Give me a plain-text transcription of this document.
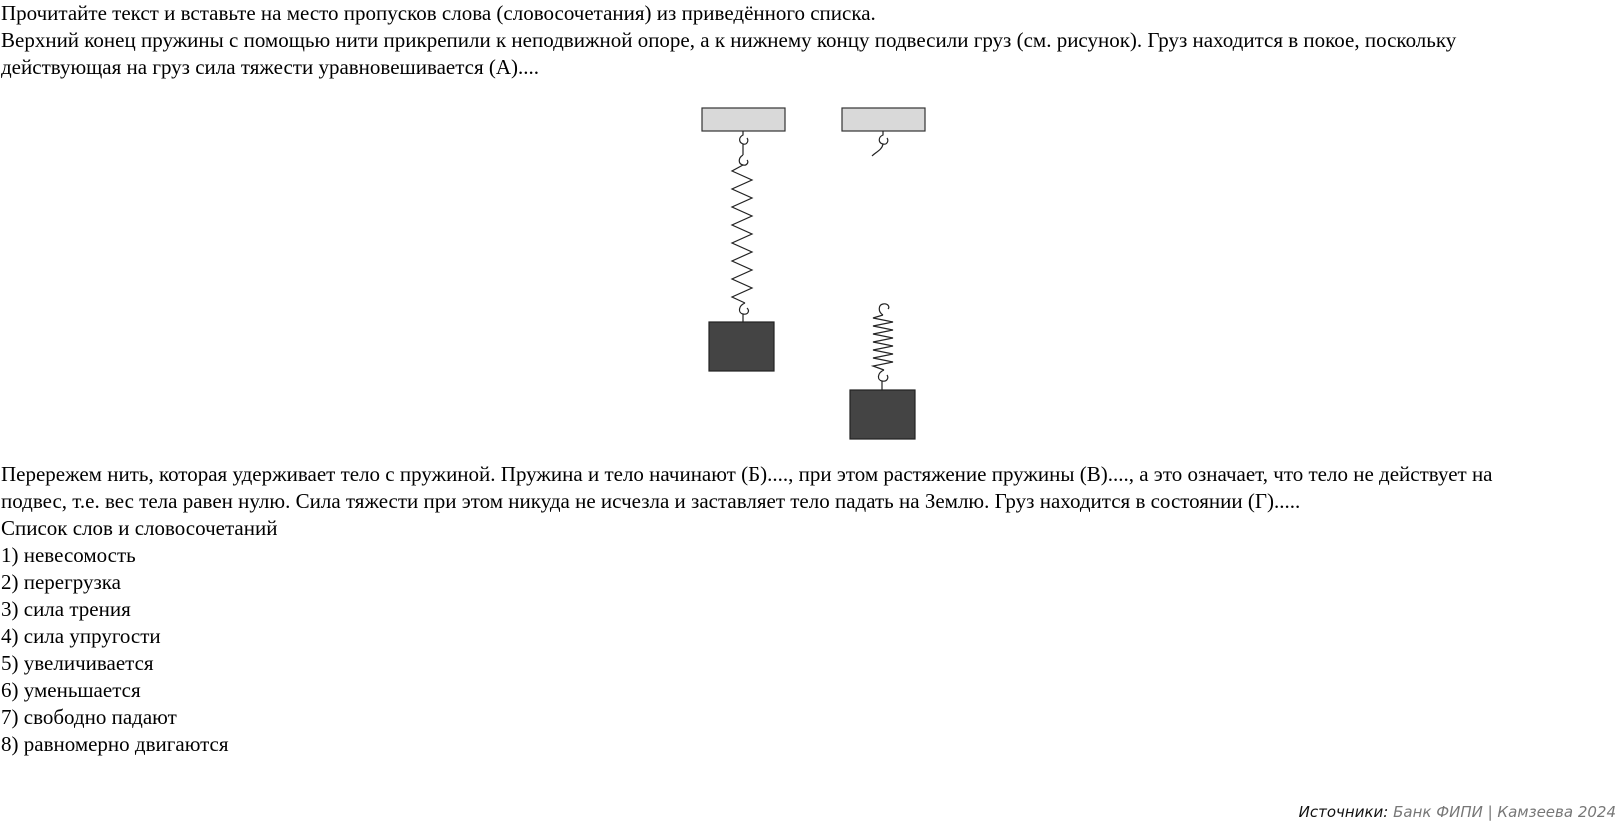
Прочитайте текст и вставьте на место пропусков слова (словосочетания) из приведённого списка.
Верхний конец пружины с помощью нити прикрепили к неподвижной опоре, а к нижнему концу подвесили груз (см. рисунок). Груз находится в покое, поскольку действующая на груз сила тяжести уравновешивается (А)....
Перережем нить, которая удерживает тело с пружиной. Пружина и тело начинают (Б)...., при этом растяжение пружины (В)...., а это означает, что тело не действует на подвес, т.е. вес тела равен нулю. Сила тяжести при этом никуда не исчезла и заставляет тело падать на Землю. Груз находится в состоянии (Г).....
Список слов и словосочетаний
1) невесомость
2) перегрузка
3) сила трения
4) сила упругости
5) увеличивается
6) уменьшается
7) свободно падают
8) равномерно двигаются
Источники: Банк ФИПИ | Камзеева 2024
